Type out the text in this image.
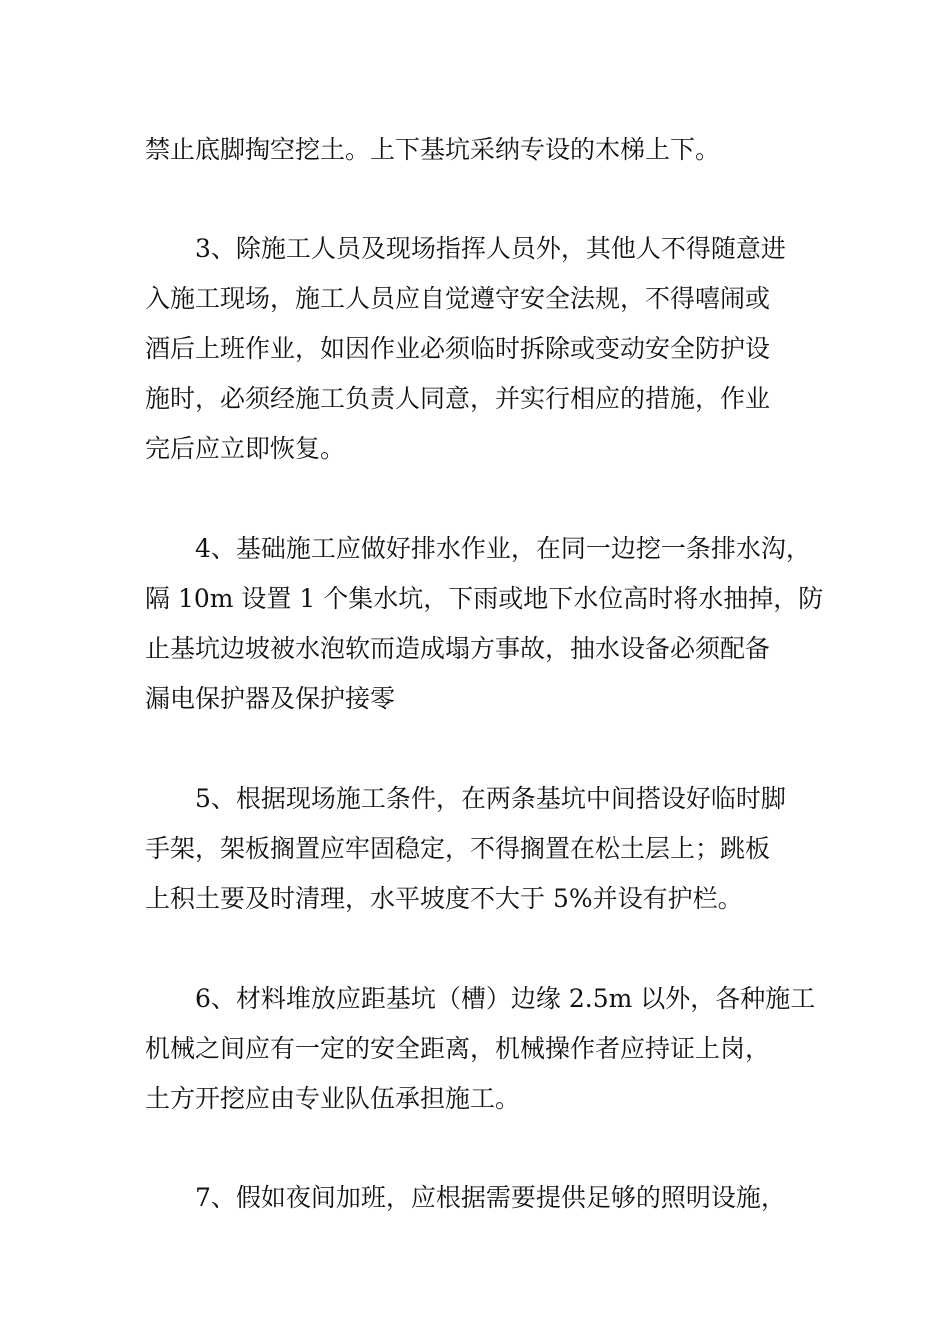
禁止底脚掏空挖土。上下基坑采纳专设的木梯上下。
3、除施工人员及现场指挥人员外，其他人不得随意进
入施工现场，施工人员应自觉遵守安全法规，不得嘻闹或
酒后上班作业，如因作业必须临时拆除或变动安全防护设
施时，必须经施工负责人同意，并实行相应的措施，作业
完后应立即恢复。
4、基础施工应做好排水作业，在同一边挖一条排水沟，
隔 10m 设置 1 个集水坑，下雨或地下水位高时将水抽掉，防
止基坑边坡被水泡软而造成塌方事故，抽水设备必须配备
漏电保护器及保护接零
5、根据现场施工条件，在两条基坑中间搭设好临时脚
手架，架板搁置应牢固稳定，不得搁置在松土层上；跳板
上积土要及时清理，水平坡度不大于 5%并设有护栏。
6、材料堆放应距基坑（槽）边缘 2.5m 以外，各种施工
机械之间应有一定的安全距离，机械操作者应持证上岗，
土方开挖应由专业队伍承担施工。
7、假如夜间加班，应根据需要提供足够的照明设施，
